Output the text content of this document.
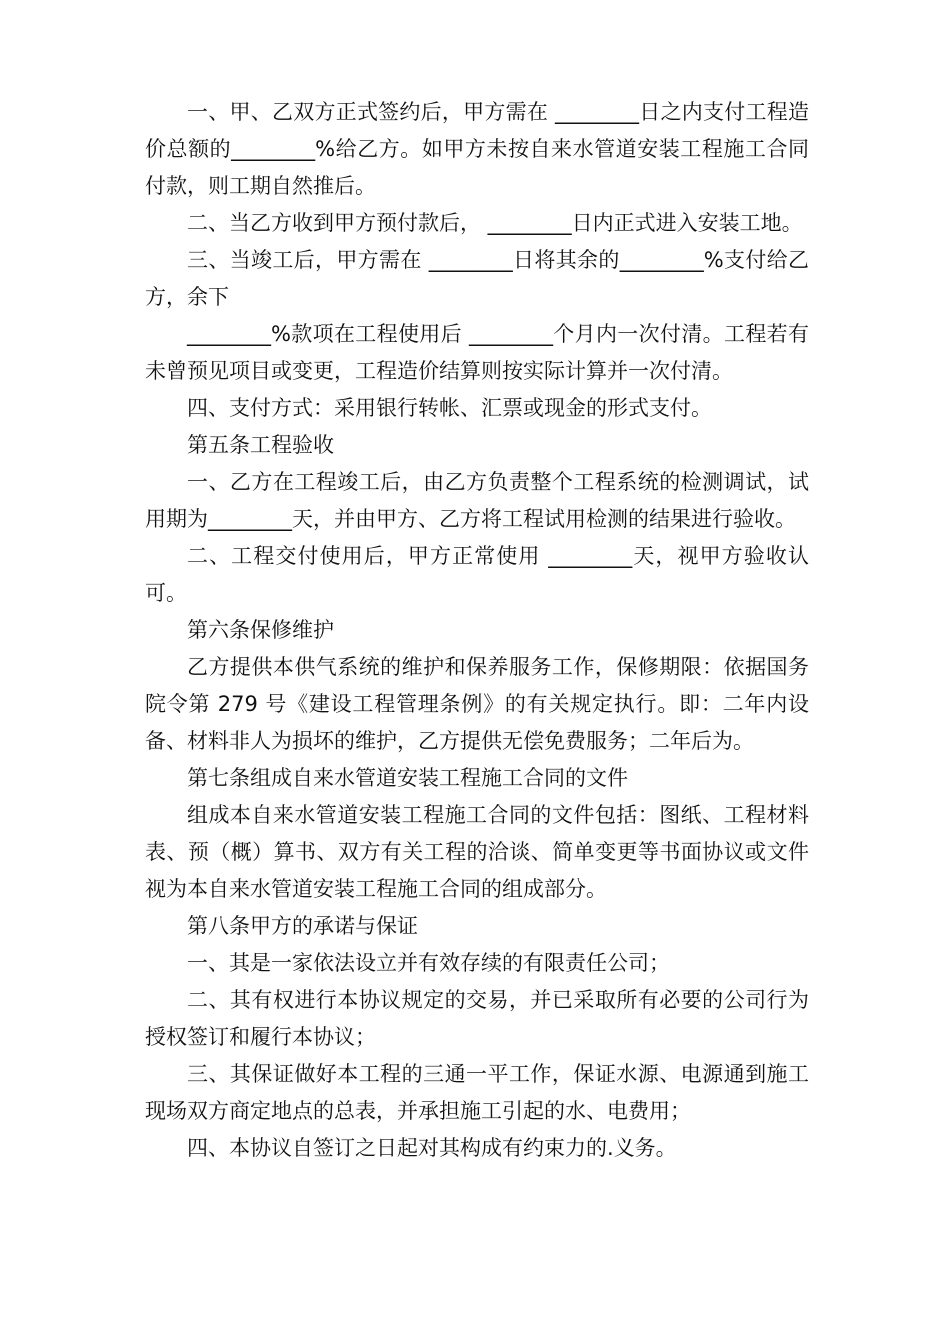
一、甲、乙双方正式签约后，甲方需在 ________日之内支付工程造价总额的________%给乙方。如甲方未按自来水管道安装工程施工合同付款，则工期自然推后。

二、当乙方收到甲方预付款后， ________日内正式进入安装工地。

三、当竣工后，甲方需在 ________日将其余的________%支付给乙方，余下

________%款项在工程使用后 ________个月内一次付清。工程若有未曾预见项目或变更，工程造价结算则按实际计算并一次付清。

四、支付方式：采用银行转帐、汇票或现金的形式支付。

第五条工程验收

一、乙方在工程竣工后，由乙方负责整个工程系统的检测调试，试用期为________天，并由甲方、乙方将工程试用检测的结果进行验收。

二、工程交付使用后，甲方正常使用 ________天，视甲方验收认可。

第六条保修维护

乙方提供本供气系统的维护和保养服务工作，保修期限：依据国务院令第 279 号《建设工程管理条例》的有关规定执行。即：二年内设备、材料非人为损坏的维护，乙方提供无偿免费服务；二年后为。

第七条组成自来水管道安装工程施工合同的文件

组成本自来水管道安装工程施工合同的文件包括：图纸、工程材料表、预（概）算书、双方有关工程的洽谈、简单变更等书面协议或文件视为本自来水管道安装工程施工合同的组成部分。

第八条甲方的承诺与保证

一、其是一家依法设立并有效存续的有限责任公司；

二、其有权进行本协议规定的交易，并已采取所有必要的公司行为授权签订和履行本协议；

三、其保证做好本工程的三通一平工作，保证水源、电源通到施工现场双方商定地点的总表，并承担施工引起的水、电费用；

四、本协议自签订之日起对其构成有约束力的.义务。
